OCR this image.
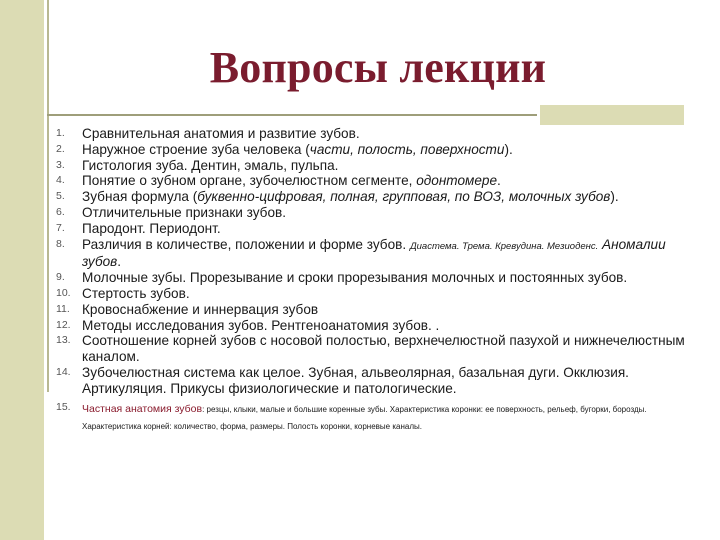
Вопросы лекции
1.	Сравнительная анатомия и развитие зубов.
2.	Наружное строение зуба человека (части, полость, поверхности).
3.	Гистология зуба. Дентин, эмаль, пульпа.
4.	Понятие о зубном органе, зубочелюстном сегменте, одонтомере.
5.	Зубная формула (буквенно-цифровая, полная, групповая, по ВОЗ, молочных зубов).
6.	Отличительные признаки зубов.
7.	Пародонт. Периодонт.
8.	Различия в количестве, положении и форме зубов. Диастема. Трема. Кревудина. Мезиоденс. Аномалии зубов.
9.	Молочные зубы. Прорезывание и сроки прорезывания молочных и постоянных зубов.
10. Стертость зубов.
11. Кровоснабжение и иннервация зубов
12. Методы исследования зубов. Рентгеноанатомия зубов. .
13. Соотношение корней зубов с носовой полостью, верхнечелюстной пазухой и нижнечелюстным каналом.
14. Зубочелюстная система как целое. Зубная, альвеолярная, базальная дуги. Окклюзия. Артикуляция. Прикусы физиологические и патологические.
15.	Частная анатомия зубов: резцы, клыки, малые и большие коренные зубы. Характеристика коронки: ее поверхность, рельеф, бугорки, борозды. Характеристика корней: количество, форма, размеры. Полость коронки, корневые каналы.
